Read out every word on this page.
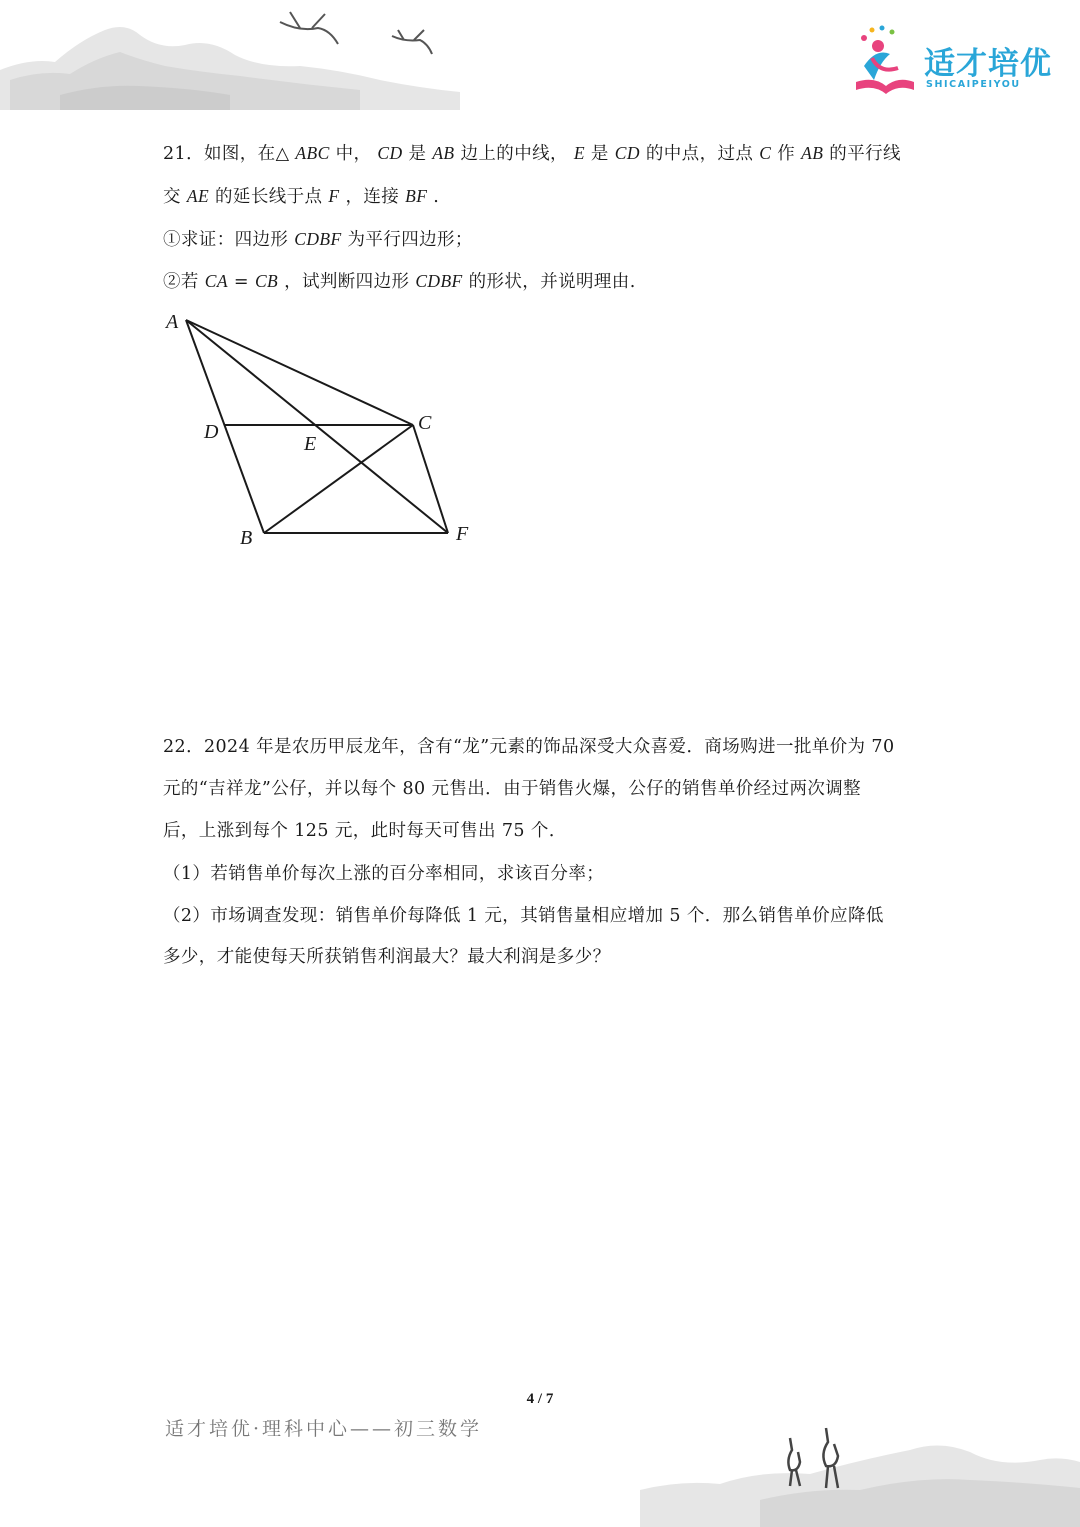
适才培优
SHICAIPEIYOU
21．如图，在△ ABC 中， CD 是 AB 边上的中线， E 是 CD 的中点，过点 C 作 AB 的平行线
交 AE 的延长线于点 F ，连接 BF .
①求证：四边形 CDBF 为平行四边形；
②若 CA = CB ，试判断四边形 CDBF 的形状，并说明理由.
A
D
E
C
B	F
22．2024 年是农历甲辰龙年，含有“龙”元素的饰品深受大众喜爱．商场购进一批单价为 70
元的“吉祥龙”公仔，并以每个 80 元售出．由于销售火爆，公仔的销售单价经过两次调整
后，上涨到每个 125 元，此时每天可售出 75 个．
（1）若销售单价每次上涨的百分率相同，求该百分率；
（2）市场调查发现：销售单价每降低 1 元，其销售量相应增加 5 个．那么销售单价应降低
多少，才能使每天所获销售利润最大？最大利润是多少？
4 / 7
适才培优·理科中心——初三数学
